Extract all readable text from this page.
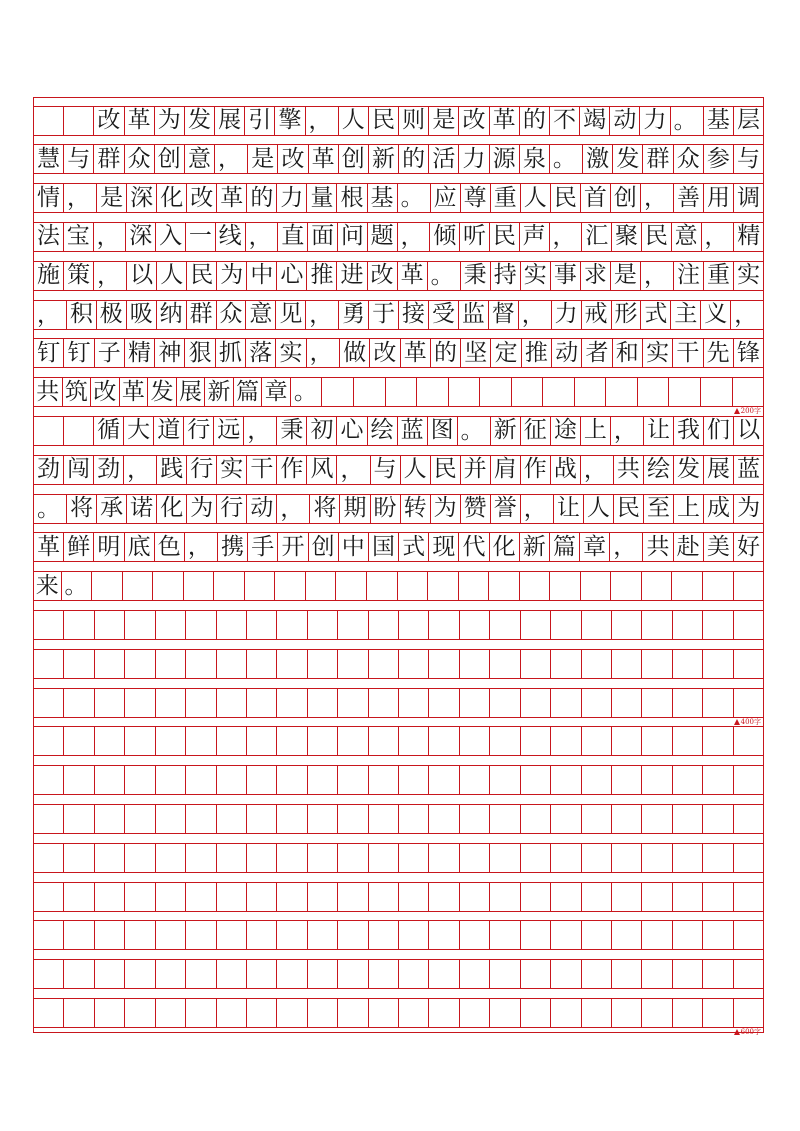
改 革 为 发 展 引 擎 ， 人 民 则 是 改 革 的 不 竭 动 力 。 基 层
慧 与 群 众 创 意 ， 是 改 革 创 新 的 活 力 源 泉 。 激 发 群 众 参 与
情 ， 是 深 化 改 革 的 力 量 根 基 。 应 尊 重 人 民 首 创 ， 善 用 调
法 宝 ， 深 入 一 线 ， 直 面 问 题 ， 倾 听 民 声 ， 汇 聚 民 意 ， 精
施 策 ， 以 人 民 为 中 心 推 进 改 革 。 秉 持 实 事 求 是 ， 注 重 实
， 积 极 吸 纳 群 众 意 见 ， 勇 于 接 受 监 督 ， 力 戒 形 式 主 义 ，
钉 钉 子 精 神 狠 抓 落 实 ， 做 改 革 的 坚 定 推 动 者 和 实 干 先 锋
共 筑 改 革 发 展 新 篇 章 。
循 大 道 行 远 ， 秉 初 心 绘 蓝 图 。 新 征 途 上 ， 让 我 们 以
劲 闯 劲 ， 践 行 实 干 作 风 ， 与 人 民 并 肩 作 战 ， 共 绘 发 展 蓝
。 将 承 诺 化 为 行 动 ， 将 期 盼 转 为 赞 誉 ， 让 人 民 至 上 成 为
革 鲜 明 底 色 ， 携 手 开 创 中 国 式 现 代 化 新 篇 章 ， 共 赴 美 好
来 。
200字
400字
600字
